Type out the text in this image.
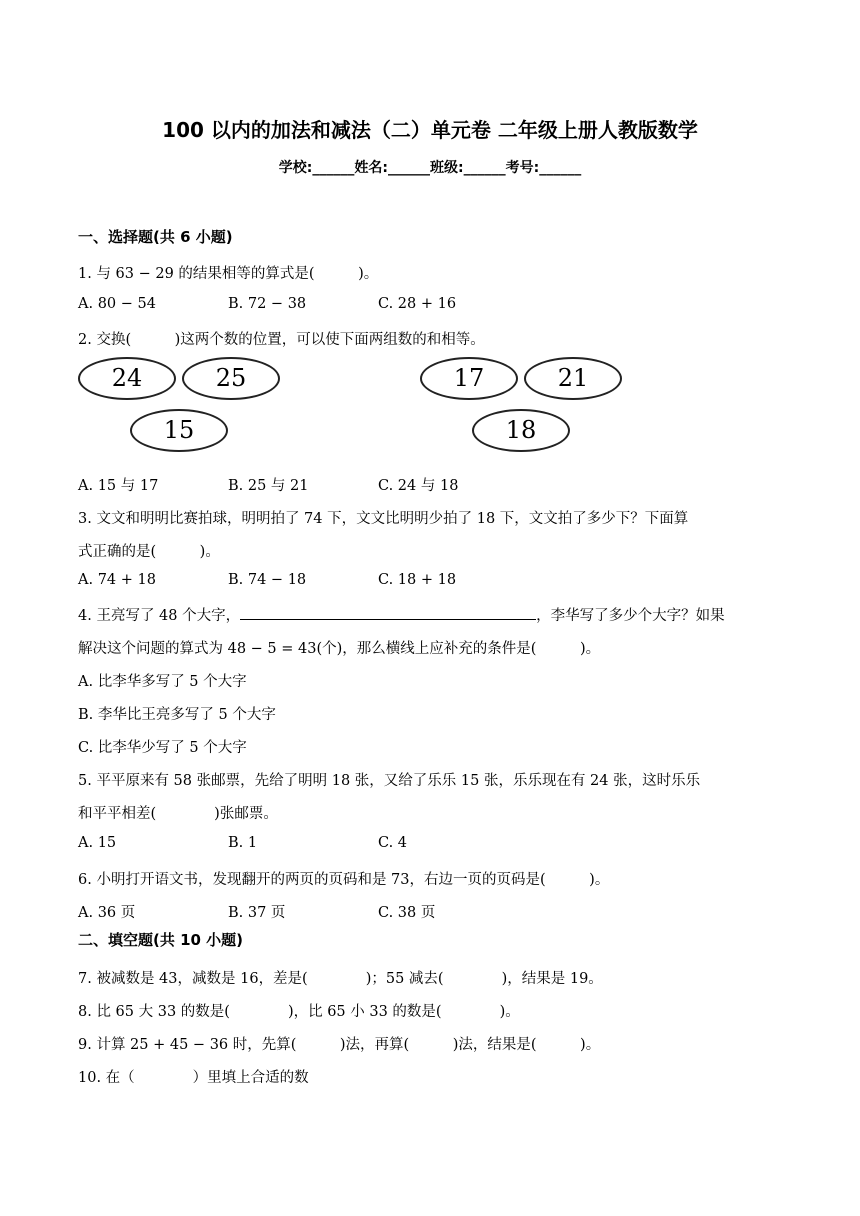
100 以内的加法和减法（二）单元卷 二年级上册人教版数学
学校:______姓名:______班级:______考号:______
一、选择题(共 6 小题)
1. 与 63 − 29 的结果相等的算式是(　　　)。
A. 80 − 54	B. 72 − 38	C. 28 + 16
2. 交换(　　　)这两个数的位置，可以使下面两组数的和相等。
24	25
15
17	21
18
A. 15 与 17	B. 25 与 21	C. 24 与 18
3. 文文和明明比赛拍球，明明拍了 74 下，文文比明明少拍了 18 下，文文拍了多少下？下面算
式正确的是(　　　)。
A. 74 + 18	B. 74 − 18	C. 18 + 18
4. 王亮写了 48 个大字，	，李华写了多少个大字？如果
解决这个问题的算式为 48 − 5 = 43(个)，那么横线上应补充的条件是(　　　)。
A. 比李华多写了 5 个大字
B. 李华比王亮多写了 5 个大字
C. 比李华少写了 5 个大字
5. 平平原来有 58 张邮票，先给了明明 18 张，又给了乐乐 15 张，乐乐现在有 24 张，这时乐乐
和平平相差(　　　　)张邮票。
A. 15	B. 1	C. 4
6. 小明打开语文书，发现翻开的两页的页码和是 73，右边一页的页码是(　　　)。
A. 36 页	B. 37 页	C. 38 页
二、填空题(共 10 小题)
7. 被减数是 43，减数是 16，差是(　　　　)；55 减去(　　　　)，结果是 19。
8. 比 65 大 33 的数是(　　　　)，比 65 小 33 的数是(　　　　)。
9. 计算 25 + 45 − 36 时，先算(　　　)法，再算(　　　)法，结果是(　　　)。
10. 在（　　　　）里填上合适的数
